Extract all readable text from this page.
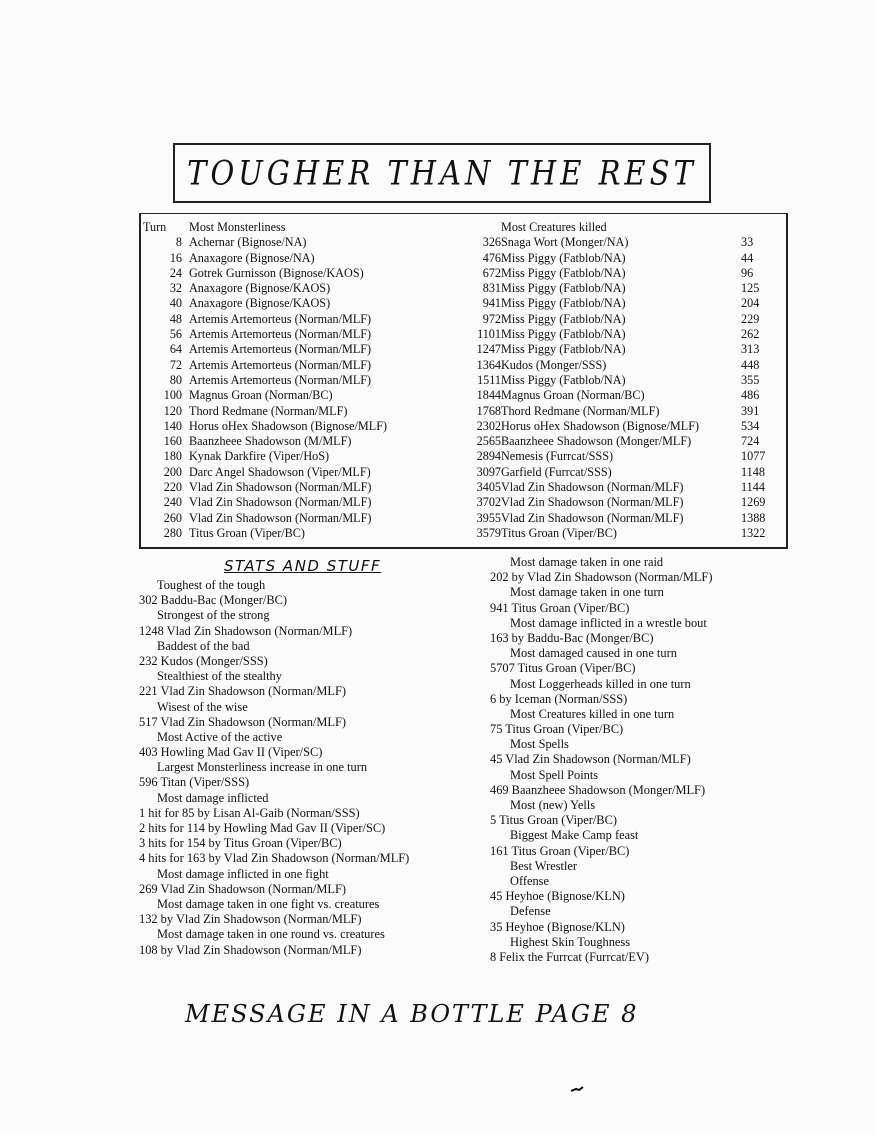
TOUGHER THAN THE REST
Turn
8
16
24
32
40
48
56
64
72
80
100
120
140
160
180
200
220
240
260
280
Most Monsterliness
Achernar (Bignose/NA)
Anaxagore (Bignose/NA)
Gotrek Gurnisson (Bignose/KAOS)
Anaxagore (Bignose/KAOS)
Anaxagore (Bignose/KAOS)
Artemis Artemorteus (Norman/MLF)
Artemis Artemorteus (Norman/MLF)
Artemis Artemorteus (Norman/MLF)
Artemis Artemorteus (Norman/MLF)
Artemis Artemorteus (Norman/MLF)
Magnus Groan (Norman/BC)
Thord Redmane (Norman/MLF)
Horus oHex Shadowson (Bignose/MLF)
Baanzheee Shadowson (M/MLF)
Kynak Darkfire (Viper/HoS)
Darc Angel Shadowson (Viper/MLF)
Vlad Zin Shadowson (Norman/MLF)
Vlad Zin Shadowson (Norman/MLF)
Vlad Zin Shadowson (Norman/MLF)
Titus Groan (Viper/BC)
326
476
672
831
941
972
1101
1247
1364
1511
1844
1768
2302
2565
2894
3097
3405
3702
3955
3579
Most Creatures killed
Snaga Wort (Monger/NA)
Miss Piggy (Fatblob/NA)
Miss Piggy (Fatblob/NA)
Miss Piggy (Fatblob/NA)
Miss Piggy (Fatblob/NA)
Miss Piggy (Fatblob/NA)
Miss Piggy (Fatblob/NA)
Miss Piggy (Fatblob/NA)
Kudos (Monger/SSS)
Miss Piggy (Fatblob/NA)
Magnus Groan (Norman/BC)
Thord Redmane (Norman/MLF)
Horus oHex Shadowson (Bignose/MLF)
Baanzheee Shadowson (Monger/MLF)
Nemesis (Furrcat/SSS)
Garfield (Furrcat/SSS)
Vlad Zin Shadowson (Norman/MLF)
Vlad Zin Shadowson (Norman/MLF)
Vlad Zin Shadowson (Norman/MLF)
Titus Groan (Viper/BC)
33
44
96
125
204
229
262
313
448
355
486
391
534
724
1077
1148
1144
1269
1388
1322
STATS AND STUFF
Toughest of the tough
302 Baddu-Bac (Monger/BC)
Strongest of the strong
1248 Vlad Zin Shadowson (Norman/MLF)
Baddest of the bad
232 Kudos (Monger/SSS)
Stealthiest of the stealthy
221 Vlad Zin Shadowson (Norman/MLF)
Wisest of the wise
517 Vlad Zin Shadowson (Norman/MLF)
Most Active of the active
403 Howling Mad Gav II (Viper/SC)
Largest Monsterliness increase in one turn
596 Titan (Viper/SSS)
Most damage inflicted
1 hit for 85 by Lisan Al-Gaib (Norman/SSS)
2 hits for 114 by Howling Mad Gav II (Viper/SC)
3 hits for 154 by Titus Groan (Viper/BC)
4 hits for 163 by Vlad Zin Shadowson (Norman/MLF)
Most damage inflicted in one fight
269 Vlad Zin Shadowson (Norman/MLF)
Most damage taken in one fight vs. creatures
132 by Vlad Zin Shadowson (Norman/MLF)
Most damage taken in one round vs. creatures
108 by Vlad Zin Shadowson (Norman/MLF)
Most damage taken in one raid
202 by Vlad Zin Shadowson (Norman/MLF)
Most damage taken in one turn
941 Titus Groan (Viper/BC)
Most damage inflicted in a wrestle bout
163 by Baddu-Bac (Monger/BC)
Most damaged caused in one turn
5707 Titus Groan (Viper/BC)
Most Loggerheads killed in one turn
6 by Iceman (Norman/SSS)
Most Creatures killed in one turn
75 Titus Groan (Viper/BC)
Most Spells
45 Vlad Zin Shadowson (Norman/MLF)
Most Spell Points
469 Baanzheee Shadowson (Monger/MLF)
Most (new) Yells
5 Titus Groan (Viper/BC)
Biggest Make Camp feast
161 Titus Groan (Viper/BC)
Best Wrestler
Offense
45 Heyhoe (Bignose/KLN)
Defense
35 Heyhoe (Bignose/KLN)
Highest Skin Toughness
8 Felix the Furrcat (Furrcat/EV)
MESSAGE IN A BOTTLE PAGE 8
